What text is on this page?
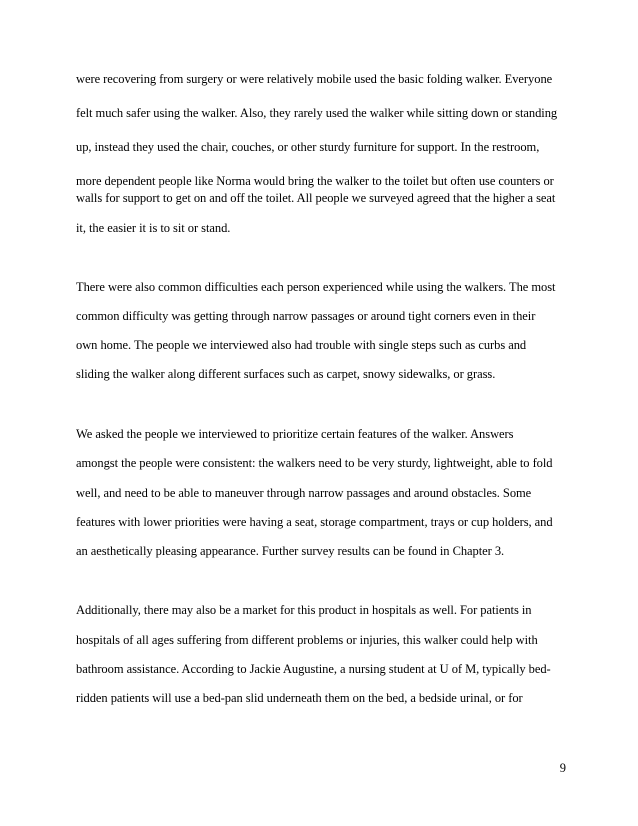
were recovering from surgery or were relatively mobile used the basic folding walker. Everyone
felt much safer using the walker. Also, they rarely used the walker while sitting down or standing
up, instead they used the chair, couches, or other sturdy furniture for support. In the restroom,
more dependent people like Norma would bring the walker to the toilet but often use counters or
walls for support to get on and off the toilet. All people we surveyed agreed that the higher a seat
it, the easier it is to sit or stand.
There were also common difficulties each person experienced while using the walkers. The most
common difficulty was getting through narrow passages or around tight corners even in their
own home. The people we interviewed also had trouble with single steps such as curbs and
sliding the walker along different surfaces such as carpet, snowy sidewalks, or grass.
We asked the people we interviewed to prioritize certain features of the walker. Answers
amongst the people were consistent: the walkers need to be very sturdy, lightweight, able to fold
well, and need to be able to maneuver through narrow passages and around obstacles. Some
features with lower priorities were having a seat, storage compartment, trays or cup holders, and
an aesthetically pleasing appearance. Further survey results can be found in Chapter 3.
Additionally, there may also be a market for this product in hospitals as well. For patients in
hospitals of all ages suffering from different problems or injuries, this walker could help with
bathroom assistance. According to Jackie Augustine, a nursing student at U of M, typically bed-
ridden patients will use a bed-pan slid underneath them on the bed, a bedside urinal, or for
9
